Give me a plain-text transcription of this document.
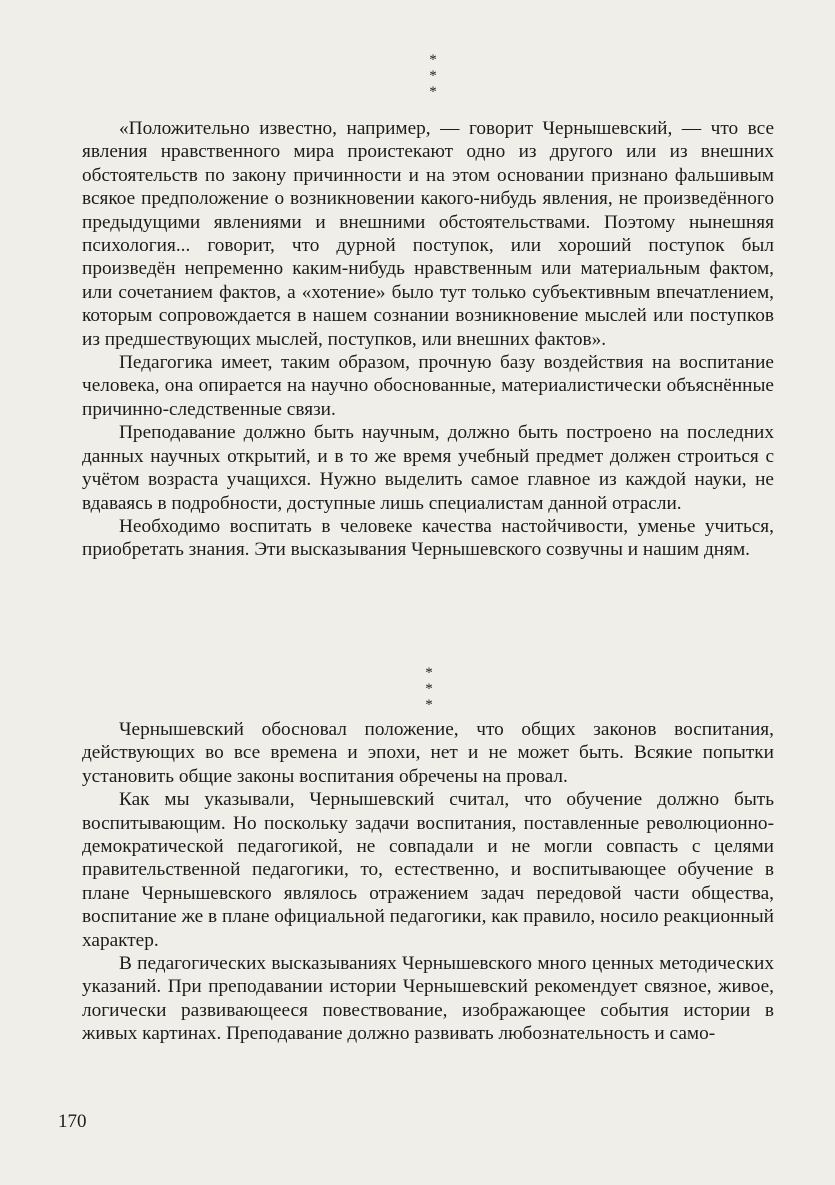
* *
*

«Положительно известно, например, — говорит Чернышевский, — что все явления нравственного мира проистекают одно из другого или из внешних обстоятельств по закону причинности и на этом основании признано фальшивым всякое предположение о возникновении какого-нибудь явления, не произведённого предыдущими явлениями и внешними обстоятельствами. Поэтому нынешняя психология... говорит, что дурной поступок, или хороший поступок был произведён непременно каким-нибудь нравственным или материальным фактом, или сочетанием фактов, а «хотение» было тут только субъективным впечатлением, которым сопровождается в нашем сознании возникновение мыслей или поступков из предшествующих мыслей, поступков, или внешних фактов».

Педагогика имеет, таким образом, прочную базу воздействия на воспитание человека, она опирается на научно обоснованные, материалистически объяснённые причинно-следственные связи.

Преподавание должно быть научным, должно быть построено на последних данных научных открытий, и в то же время учебный предмет должен строиться с учётом возраста учащихся. Нужно выделить самое главное из каждой науки, не вдаваясь в подробности, доступные лишь специалистам данной отрасли.

Необходимо воспитать в человеке качества настойчивости, уменье учиться, приобретать знания. Эти высказывания Чернышевского созвучны и нашим дням.

* *
*

Чернышевский обосновал положение, что общих законов воспитания, действующих во все времена и эпохи, нет и не может быть. Всякие попытки установить общие законы воспитания обречены на провал.

Как мы указывали, Чернышевский считал, что обучение должно быть воспитывающим. Но поскольку задачи воспитания, поставленные революционно-демократической педагогикой, не совпадали и не могли совпасть с целями правительственной педагогики, то, естественно, и воспитывающее обучение в плане Чернышевского являлось отражением задач передовой части общества, воспитание же в плане официальной педагогики, как правило, носило реакционный характер.

В педагогических высказываниях Чернышевского много ценных методических указаний. При преподавании истории Чернышевский рекомендует связное, живое, логически развивающееся повествование, изображающее события истории в живых картинах. Преподавание должно развивать любознательность и само-

170
